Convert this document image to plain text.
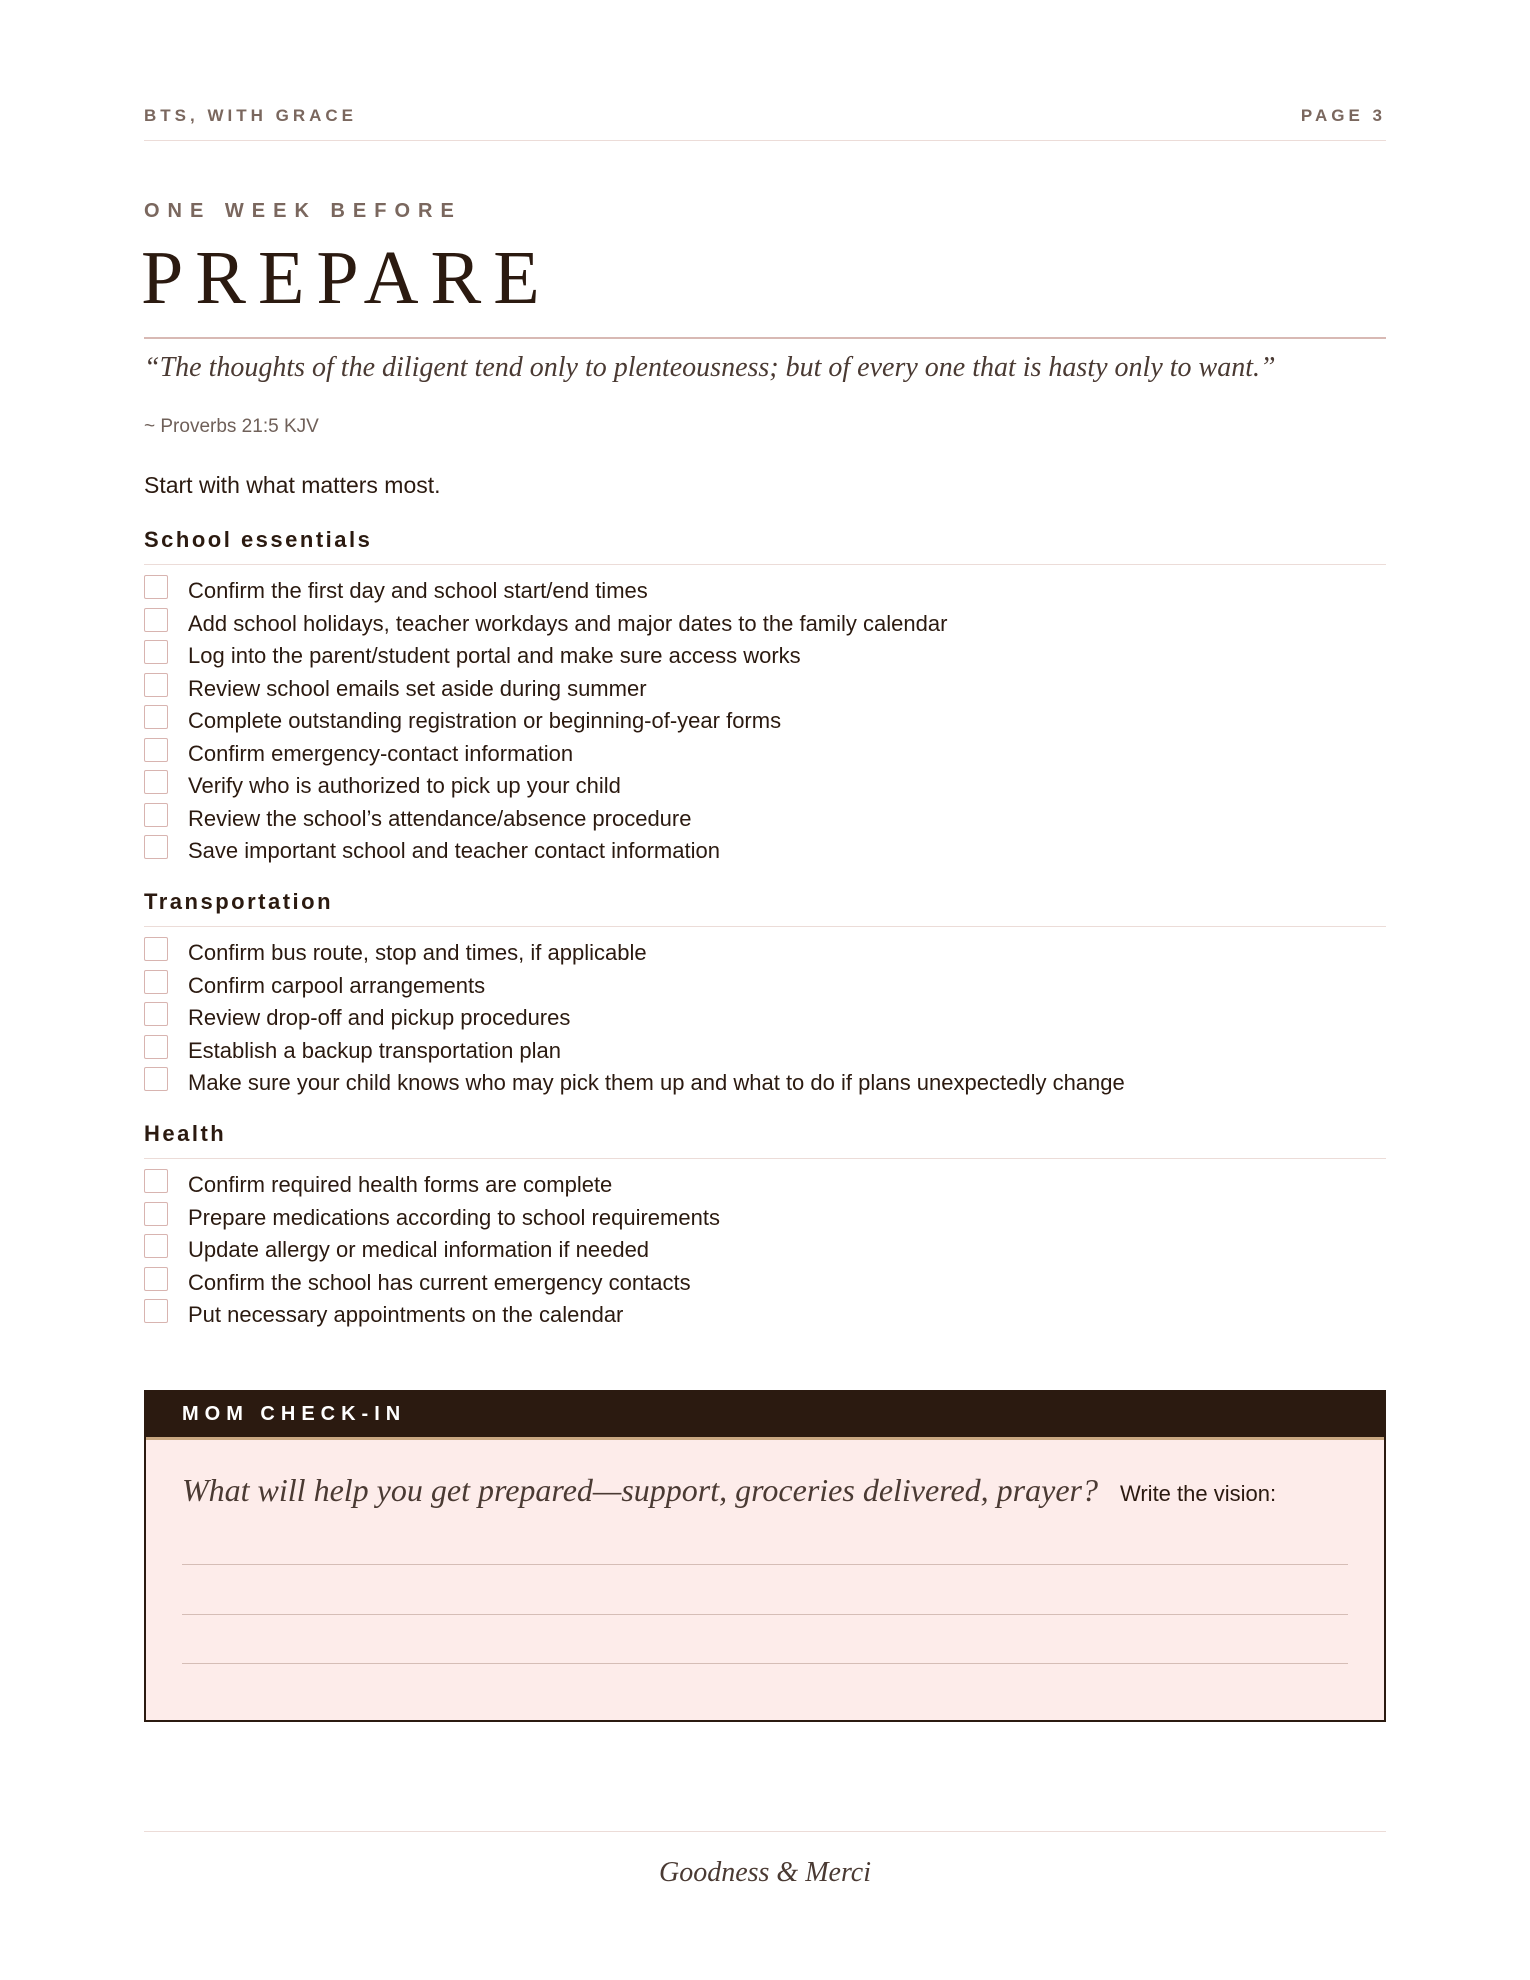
BTS, WITH GRACE	PAGE 3
ONE WEEK BEFORE
PREPARE
“The thoughts of the diligent tend only to plenteousness; but of every one that is hasty only to want.”
~ Proverbs 21:5 KJV
Start with what matters most.
School essentials
Confirm the first day and school start/end times
Add school holidays, teacher workdays and major dates to the family calendar
Log into the parent/student portal and make sure access works
Review school emails set aside during summer
Complete outstanding registration or beginning-of-year forms
Confirm emergency-contact information
Verify who is authorized to pick up your child
Review the school’s attendance/absence procedure
Save important school and teacher contact information
Transportation
Confirm bus route, stop and times, if applicable
Confirm carpool arrangements
Review drop-off and pickup procedures
Establish a backup transportation plan
Make sure your child knows who may pick them up and what to do if plans unexpectedly change
Health
Confirm required health forms are complete
Prepare medications according to school requirements
Update allergy or medical information if needed
Confirm the school has current emergency contacts
Put necessary appointments on the calendar
MOM CHECK-IN
What will help you get prepared—support, groceries delivered, prayer? Write the vision:
Goodness & Merci
